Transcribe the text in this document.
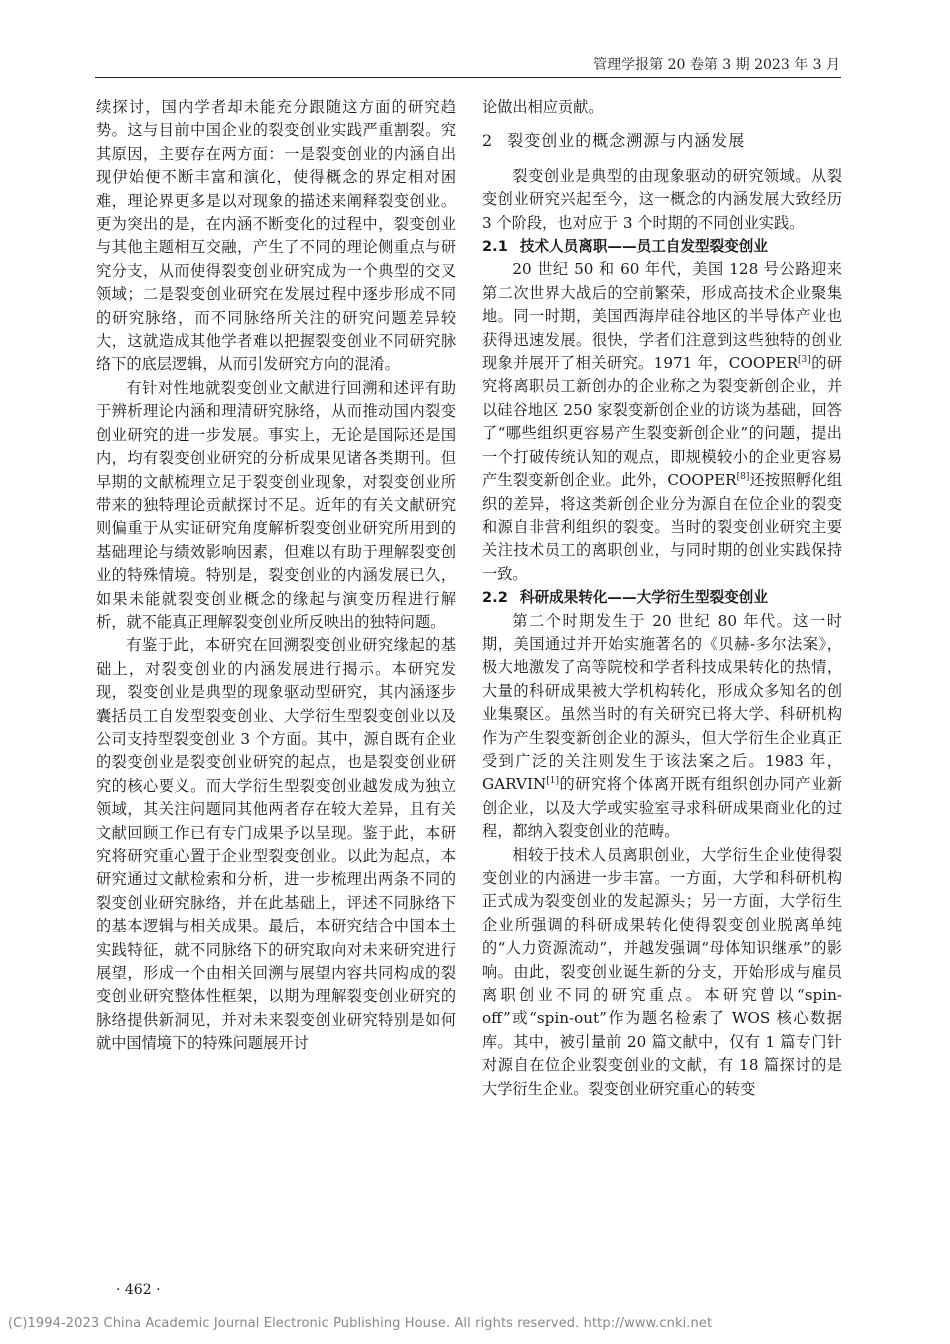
管理学报第 20 卷第 3 期 2023 年 3 月

续探讨，国内学者却未能充分跟随这方面的研究趋势。这与目前中国企业的裂变创业实践严重割裂。究其原因，主要存在两方面：一是裂变创业的内涵自出现伊始便不断丰富和演化，使得概念的界定相对困难，理论界更多是以对现象的描述来阐释裂变创业。更为突出的是，在内涵不断变化的过程中，裂变创业与其他主题相互交融，产生了不同的理论侧重点与研究分支，从而使得裂变创业研究成为一个典型的交叉领域；二是裂变创业研究在发展过程中逐步形成不同的研究脉络，而不同脉络所关注的研究问题差异较大，这就造成其他学者难以把握裂变创业不同研究脉络下的底层逻辑，从而引发研究方向的混淆。

有针对性地就裂变创业文献进行回溯和述评有助于辨析理论内涵和理清研究脉络，从而推动国内裂变创业研究的进一步发展。事实上，无论是国际还是国内，均有裂变创业研究的分析成果见诸各类期刊。但早期的文献梳理立足于裂变创业现象，对裂变创业所带来的独特理论贡献探讨不足。近年的有关文献研究则偏重于从实证研究角度解析裂变创业研究所用到的基础理论与绩效影响因素，但难以有助于理解裂变创业的特殊情境。特别是，裂变创业的内涵发展已久，如果未能就裂变创业概念的缘起与演变历程进行解析，就不能真正理解裂变创业所反映出的独特问题。

有鉴于此，本研究在回溯裂变创业研究缘起的基础上，对裂变创业的内涵发展进行揭示。本研究发现，裂变创业是典型的现象驱动型研究，其内涵逐步囊括员工自发型裂变创业、大学衍生型裂变创业以及公司支持型裂变创业 3 个方面。其中，源自既有企业的裂变创业是裂变创业研究的起点，也是裂变创业研究的核心要义。而大学衍生型裂变创业越发成为独立领域，其关注问题同其他两者存在较大差异，且有关文献回顾工作已有专门成果予以呈现。鉴于此，本研究将研究重心置于企业型裂变创业。以此为起点，本研究通过文献检索和分析，进一步梳理出两条不同的裂变创业研究脉络，并在此基础上，评述不同脉络下的基本逻辑与相关成果。最后，本研究结合中国本土实践特征，就不同脉络下的研究取向对未来研究进行展望，形成一个由相关回溯与展望内容共同构成的裂变创业研究整体性框架，以期为理解裂变创业研究的脉络提供新洞见，并对未来裂变创业研究特别是如何就中国情境下的特殊问题展开讨

论做出相应贡献。

2 裂变创业的概念溯源与内涵发展

裂变创业是典型的由现象驱动的研究领域。从裂变创业研究兴起至今，这一概念的内涵发展大致经历 3 个阶段，也对应于 3 个时期的不同创业实践。

2.1 技术人员离职——员工自发型裂变创业

20 世纪 50 和 60 年代，美国 128 号公路迎来第二次世界大战后的空前繁荣，形成高技术企业聚集地。同一时期，美国西海岸硅谷地区的半导体产业也获得迅速发展。很快，学者们注意到这些独特的创业现象并展开了相关研究。1971 年，COOPER[3]的研究将离职员工新创办的企业称之为裂变新创企业，并以硅谷地区 250 家裂变新创企业的访谈为基础，回答了“哪些组织更容易产生裂变新创企业”的问题，提出一个打破传统认知的观点，即规模较小的企业更容易产生裂变新创企业。此外，COOPER[8]还按照孵化组织的差异，将这类新创企业分为源自在位企业的裂变和源自非营利组织的裂变。当时的裂变创业研究主要关注技术员工的离职创业，与同时期的创业实践保持一致。

2.2 科研成果转化——大学衍生型裂变创业

第二个时期发生于 20 世纪 80 年代。这一时期，美国通过并开始实施著名的《贝赫-多尔法案》，极大地激发了高等院校和学者科技成果转化的热情，大量的科研成果被大学机构转化，形成众多知名的创业集聚区。虽然当时的有关研究已将大学、科研机构作为产生裂变新创企业的源头，但大学衍生企业真正受到广泛的关注则发生于该法案之后。1983 年，GARVIN[1]的研究将个体离开既有组织创办同产业新创企业，以及大学或实验室寻求科研成果商业化的过程，都纳入裂变创业的范畴。

相较于技术人员离职创业，大学衍生企业使得裂变创业的内涵进一步丰富。一方面，大学和科研机构正式成为裂变创业的发起源头；另一方面，大学衍生企业所强调的科研成果转化使得裂变创业脱离单纯的“人力资源流动”，并越发强调“母体知识继承”的影响。由此，裂变创业诞生新的分支，开始形成与雇员离职创业不同的研究重点。本研究曾以“spin-off”或“spin-out”作为题名检索了 WOS 核心数据库。其中，被引量前 20 篇文献中，仅有 1 篇专门针对源自在位企业裂变创业的文献，有 18 篇探讨的是大学衍生企业。裂变创业研究重心的转变

· 462 ·
(C)1994-2023 China Academic Journal Electronic Publishing House. All rights reserved. http://www.cnki.net
